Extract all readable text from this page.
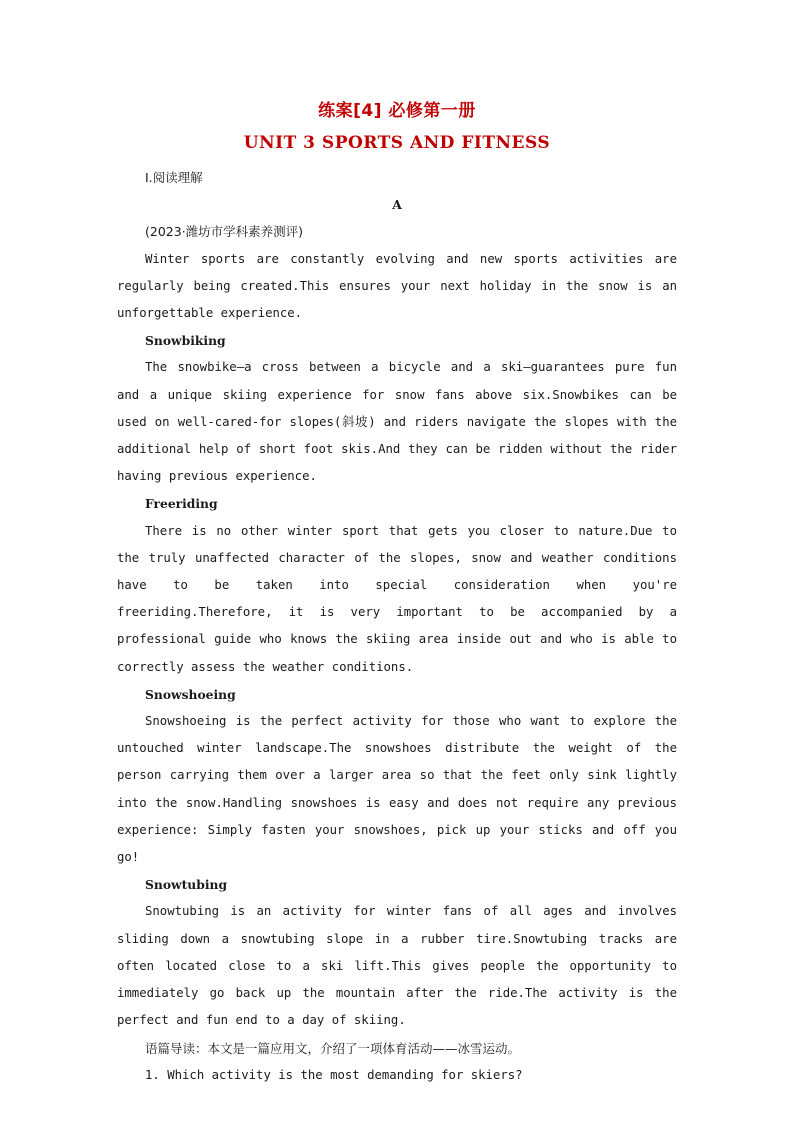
练案[4] 必修第一册
UNIT 3 SPORTS AND FITNESS

Ⅰ.阅读理解

A

(2023·潍坊市学科素养测评)

Winter sports are constantly evolving and new sports activities are regularly being created.This ensures your next holiday in the snow is an unforgettable experience.

Snowbiking

The snowbike—a cross between a bicycle and a ski—guarantees pure fun and a unique skiing experience for snow fans above six.Snowbikes can be used on well-cared-for slopes(斜坡) and riders navigate the slopes with the additional help of short foot skis.And they can be ridden without the rider having previous experience.

Freeriding

There is no other winter sport that gets you closer to nature.Due to the truly unaffected character of the slopes, snow and weather conditions have to be taken into special consideration when you're freeriding.Therefore, it is very important to be accompanied by a professional guide who knows the skiing area inside out and who is able to correctly assess the weather conditions.

Snowshoeing

Snowshoeing is the perfect activity for those who want to explore the untouched winter landscape.The snowshoes distribute the weight of the person carrying them over a larger area so that the feet only sink lightly into the snow.Handling snowshoes is easy and does not require any previous experience: Simply fasten your snowshoes, pick up your sticks and off you go!

Snowtubing

Snowtubing is an activity for winter fans of all ages and involves sliding down a snowtubing slope in a rubber tire.Snowtubing tracks are often located close to a ski lift.This gives people the opportunity to immediately go back up the mountain after the ride.The activity is the perfect and fun end to a day of skiing.

语篇导读：本文是一篇应用文，介绍了一项体育活动——冰雪运动。

1. Which activity is the most demanding for skiers?
